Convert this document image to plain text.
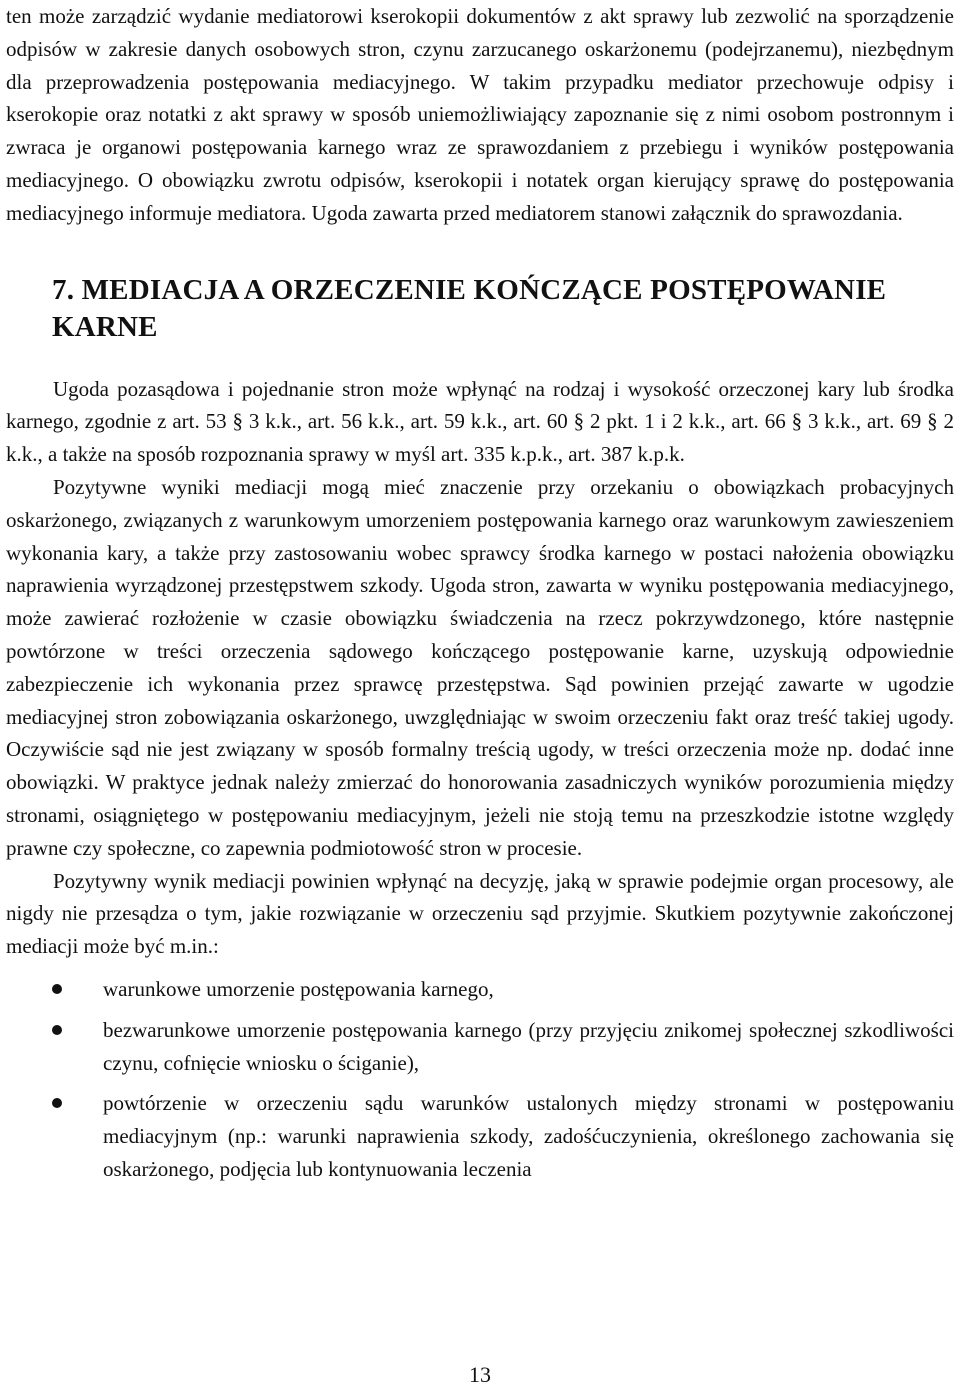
ten może zarządzić wydanie mediatorowi kserokopii dokumentów z akt sprawy lub zezwolić na sporządzenie odpisów w zakresie danych osobowych stron, czynu zarzucanego oskarżonemu (podejrzanemu), niezbędnym dla przeprowadzenia postępowania mediacyjnego. W takim przypadku mediator przechowuje odpisy i kserokopie oraz notatki z akt sprawy w sposób uniemożliwiający zapoznanie się z nimi osobom postronnym i zwraca je organowi postępowania karnego wraz ze sprawozdaniem z przebiegu i wyników postępowania mediacyjnego. O obowiązku zwrotu odpisów, kserokopii i notatek organ kierujący sprawę do postępowania mediacyjnego informuje mediatora. Ugoda zawarta przed mediatorem stanowi załącznik do sprawozdania.

7. MEDIACJA A ORZECZENIE KOŃCZĄCE POSTĘPOWANIE KARNE

Ugoda pozasądowa i pojednanie stron może wpłynąć na rodzaj i wysokość orzeczonej kary lub środka karnego, zgodnie z art. 53 § 3 k.k., art. 56 k.k., art. 59 k.k., art. 60 § 2 pkt. 1 i 2 k.k., art. 66 § 3 k.k., art. 69 § 2 k.k., a także na sposób rozpoznania sprawy w myśl art. 335 k.p.k., art. 387 k.p.k.

Pozytywne wyniki mediacji mogą mieć znaczenie przy orzekaniu o obowiązkach probacyjnych oskarżonego, związanych z warunkowym umorzeniem postępowania karnego oraz warunkowym zawieszeniem wykonania kary, a także przy zastosowaniu wobec sprawcy środka karnego w postaci nałożenia obowiązku naprawienia wyrządzonej przestępstwem szkody. Ugoda stron, zawarta w wyniku postępowania mediacyjnego, może zawierać rozłożenie w czasie obowiązku świadczenia na rzecz pokrzywdzonego, które następnie powtórzone w treści orzeczenia sądowego kończącego postępowanie karne, uzyskują odpowiednie zabezpieczenie ich wykonania przez sprawcę przestępstwa. Sąd powinien przejąć zawarte w ugodzie mediacyjnej stron zobowiązania oskarżonego, uwzględniając w swoim orzeczeniu fakt oraz treść takiej ugody. Oczywiście sąd nie jest związany w sposób formalny treścią ugody, w treści orzeczenia może np. dodać inne obowiązki. W praktyce jednak należy zmierzać do honorowania zasadniczych wyników porozumienia między stronami, osiągniętego w postępowaniu mediacyjnym, jeżeli nie stoją temu na przeszkodzie istotne względy prawne czy społeczne, co zapewnia podmiotowość stron w procesie.

Pozytywny wynik mediacji powinien wpłynąć na decyzję, jaką w sprawie podejmie organ procesowy, ale nigdy nie przesądza o tym, jakie rozwiązanie w orzeczeniu sąd przyjmie. Skutkiem pozytywnie zakończonej mediacji może być m.in.:

warunkowe umorzenie postępowania karnego,
bezwarunkowe umorzenie postępowania karnego (przy przyjęciu znikomej społecznej szkodliwości czynu, cofnięcie wniosku o ściganie),
powtórzenie w orzeczeniu sądu warunków ustalonych między stronami w postępowaniu mediacyjnym (np.: warunki naprawienia szkody, zadośćuczynienia, określonego zachowania się oskarżonego, podjęcia lub kontynuowania leczenia
13
